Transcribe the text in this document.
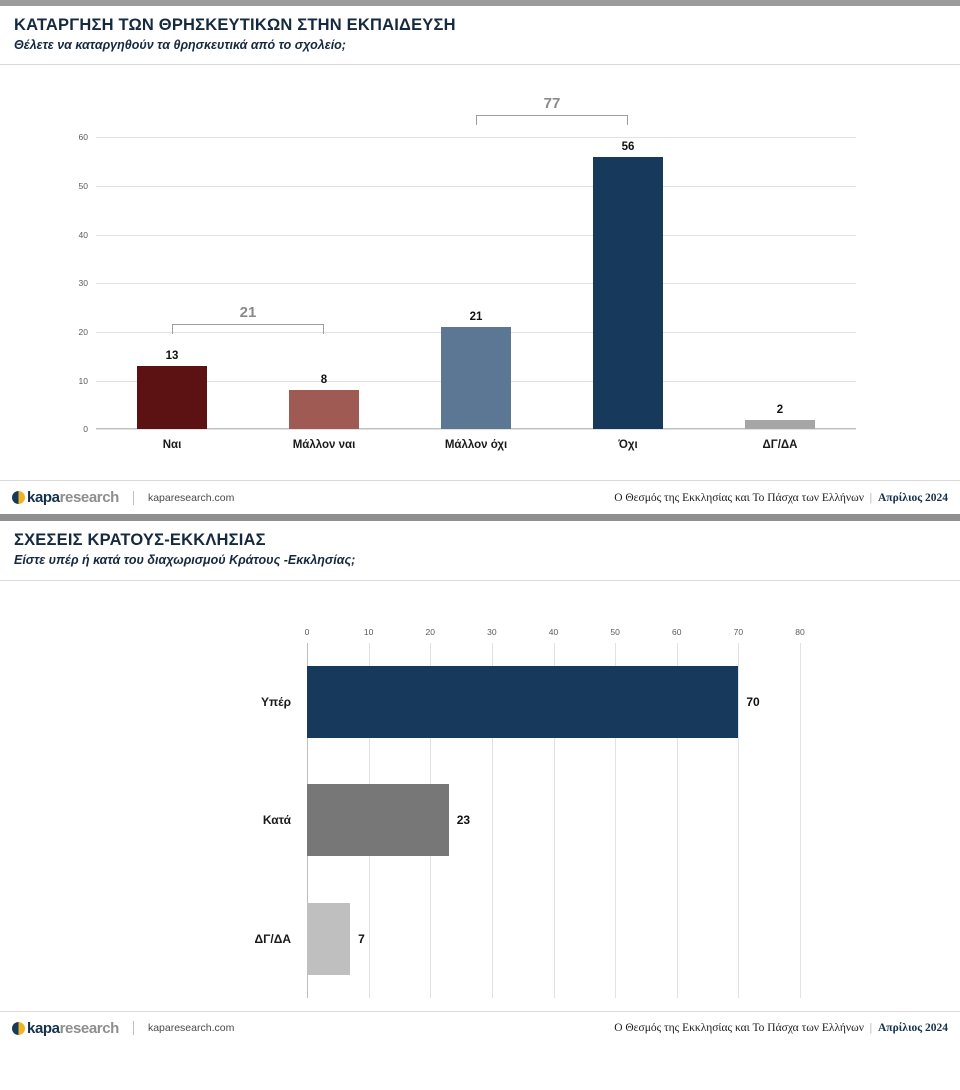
ΚΑΤΑΡΓΗΣΗ ΤΩΝ ΘΡΗΣΚΕΥΤΙΚΩΝ ΣΤΗΝ ΕΚΠΑΙΔΕΥΣΗ
Θέλετε να καταργηθούν τα θρησκευτικά από το σχολείο;
0
10
20
30
40
50
60
13
Ναι
8
Μάλλον ναι
21
Μάλλον όχι
56
Όχι
2
ΔΓ/ΔΑ
21
77
kapa research	kaparesearch.com	Ο Θεσμός της Εκκλησίας και Το Πάσχα των Ελλήνων | Απρίλιος 2024
ΣΧΕΣΕΙΣ ΚΡΑΤΟΥΣ-ΕΚΚΛΗΣΙΑΣ
Είστε υπέρ ή κατά του διαχωρισμού Κράτους -Εκκλησίας;
0	10	20	30	40	50	60	70	80
70
Υπέρ
23
Κατά
7
ΔΓ/ΔΑ
kapa research	kaparesearch.com	Ο Θεσμός της Εκκλησίας και Το Πάσχα των Ελλήνων | Απρίλιος 2024
